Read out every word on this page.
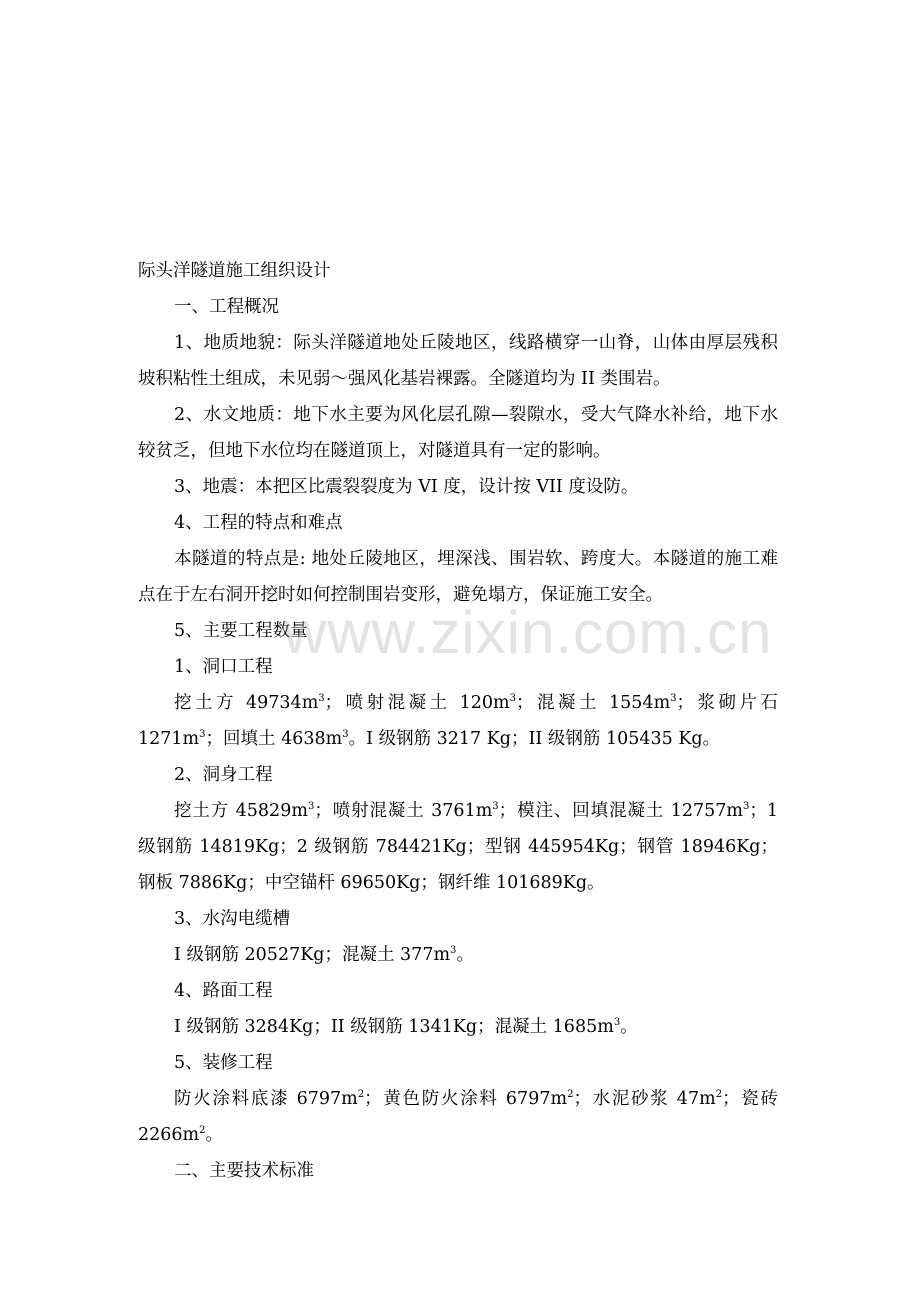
际头洋隧道施工组织设计

一、工程概况

1、地质地貌：际头洋隧道地处丘陵地区，线路横穿一山脊，山体由厚层残积坡积粘性土组成，未见弱～强风化基岩裸露。全隧道均为 II 类围岩。

2、水文地质：地下水主要为风化层孔隙—裂隙水，受大气降水补给，地下水较贫乏，但地下水位均在隧道顶上，对隧道具有一定的影响。

3、地震：本把区比震裂裂度为 VI 度，设计按 VII 度设防。

4、工程的特点和难点

本隧道的特点是: 地处丘陵地区，埋深浅、围岩软、跨度大。本隧道的施工难点在于左右洞开挖时如何控制围岩变形，避免塌方，保证施工安全。

5、主要工程数量

1、洞口工程

挖土方 $49734m^3$；喷射混凝土 $120m^3$；混凝土 $1554m^3$；浆砌片石 $1271m^3$；回填土 $4638m^3$。I 级钢筋 3217 Kg；II 级钢筋 105435 Kg。

2、洞身工程

挖土方 $45829m^3$；喷射混凝土 $3761m^3$；模注、回填混凝土 $12757m^3$；1 级钢筋 14819Kg；2 级钢筋 784421Kg；型钢 445954Kg；钢管 18946Kg；钢板 7886Kg；中空锚杆 69650Kg；钢纤维 101689Kg。

3、水沟电缆槽

I 级钢筋 20527Kg；混凝土 $377m^3$。

4、路面工程

I 级钢筋 3284Kg；II 级钢筋 1341Kg；混凝土 $1685m^3$。

5、装修工程

防火涂料底漆 $6797m^2$；黄色防火涂料 $6797m^2$；水泥砂浆 $47m^2$；瓷砖 $2266m^2$。

二、主要技术标准

www.zixin.com.cn
